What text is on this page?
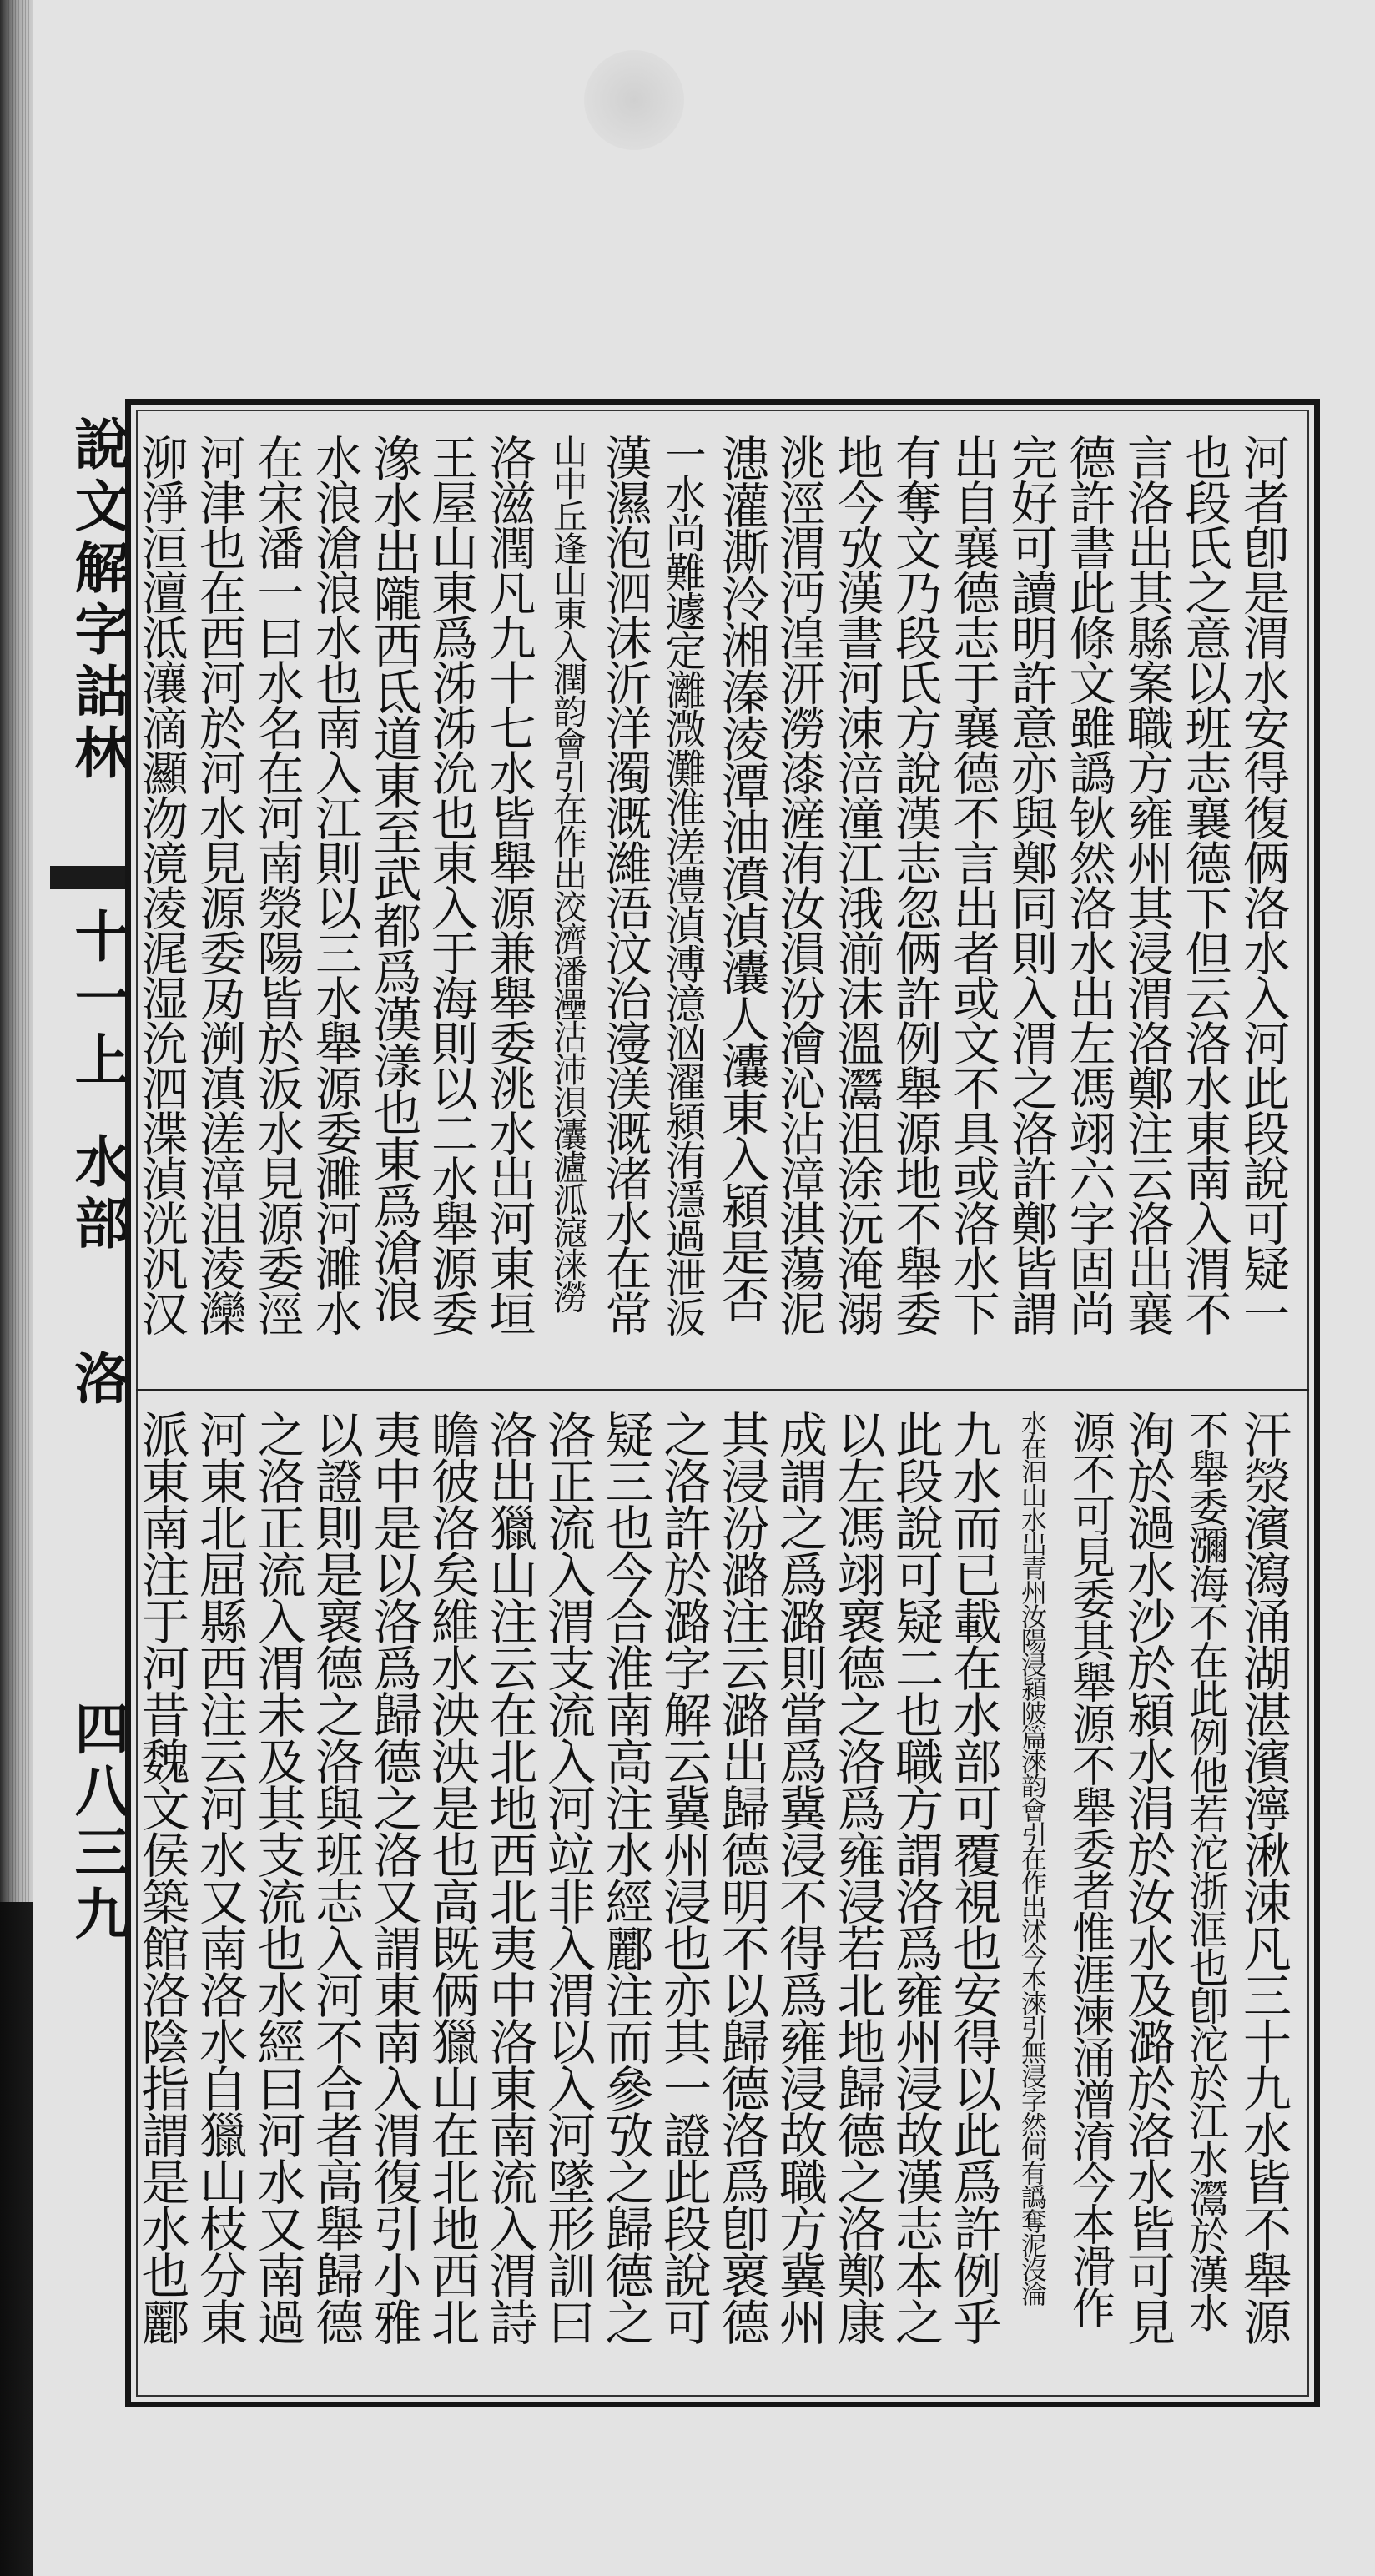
說文解字詁林
十一上
水部
洛
四八三九
河者卽是渭水安得復俩洛水入河此段說可疑一
也段氏之意以班志襄德下但云洛水東南入渭不
言洛出其縣案職方雍州其浸渭洛鄭注云洛出襄
德許書此條文雖譌钬然洛水出左馮翊六字固尚
完好可讀明許意亦與鄭同則入渭之洛許鄭皆謂
出自襄德志于襄德不言出者或文不具或洛水下
有奪文乃段氏方說漢志忽俩許例舉源地不舉委
地今攷漢書河涑涪潼江涐湔沫溫灊沮涂沅淹溺
洮涇渭沔湟汧澇漆滻洧汝溳汾澮沁沾漳淇蕩泥
漶灌澌泠湘溱淩潭油濆湞灢人灢東入潁是否
一水尚難遽定灕溦灘淮溠澧湞溥澺汹濯潁洧濦過泄汳
漢濕泡泗沫沂洋濁溉濰浯汶治濅渼溉渚水在常
山中丘逢山東入潤韵會引在作出洨濟潘灅沽沛浿灢瀘泒滱涞澇
洛滋潤凡九十七水皆舉源兼舉委洮水出河東垣
王屋山東爲泲泲沇也東入于海則以二水舉源委
潒水出隴西氐道東至武都爲漢漾也東爲滄浪
水浪滄浪水也南入江則以三水舉源委濉河濉水
在宋潘一曰水名在河南滎陽皆於汳水見源委涇
河津也在西河於河水見源委夃㴊滇溠漳沮淩灤
泖淨洹澶泜瀼滴灦沕滰淩浘湿沇泗渫湞洸汎汉
汗滎濱瀉涌湖湛濱濘湫涑凡三十九水皆不舉源
不舉委瀰海不在此例他若沱浙洭也卽沱於江水灊於漢水
洵於濄水沙於潁水涓於汝水及潞於洛水皆可見
源不可見委其舉源不舉委者惟涯湅涌潧淯今本滑作
水在汩山水出青州汝陽浸潁陂篇淶韵會引在作出沭今本淶引無浸字然何有譌奪泥沒淪
九水而已載在水部可覆視也安得以此爲許例乎
此段說可疑二也職方謂洛爲雍州浸故漢志本之
以左馮翊褱德之洛爲雍浸若北地歸德之洛鄭康
成謂之爲潞則當爲冀浸不得爲雍浸故職方冀州
其浸汾潞注云潞出歸德明不以歸德洛爲卽褱德
之洛許於潞字解云冀州浸也亦其一證此段說可
疑三也今合淮南高注水經酈注而參攷之歸德之
洛正流入渭支流入河竝非入渭以入河墜形訓曰
洛出獵山注云在北地西北夷中洛東南流入渭詩
瞻彼洛矣維水泱泱是也高既俩獵山在北地西北
夷中是以洛爲歸德之洛又謂東南入渭復引小雅
以證則是褱德之洛與班志入河不合者高舉歸德
之洛正流入渭未及其支流也水經曰河水又南過
河東北屈縣西注云河水又南洛水自獵山枝分東
派東南注于河昔魏文侯築館洛陰指謂是水也酈
